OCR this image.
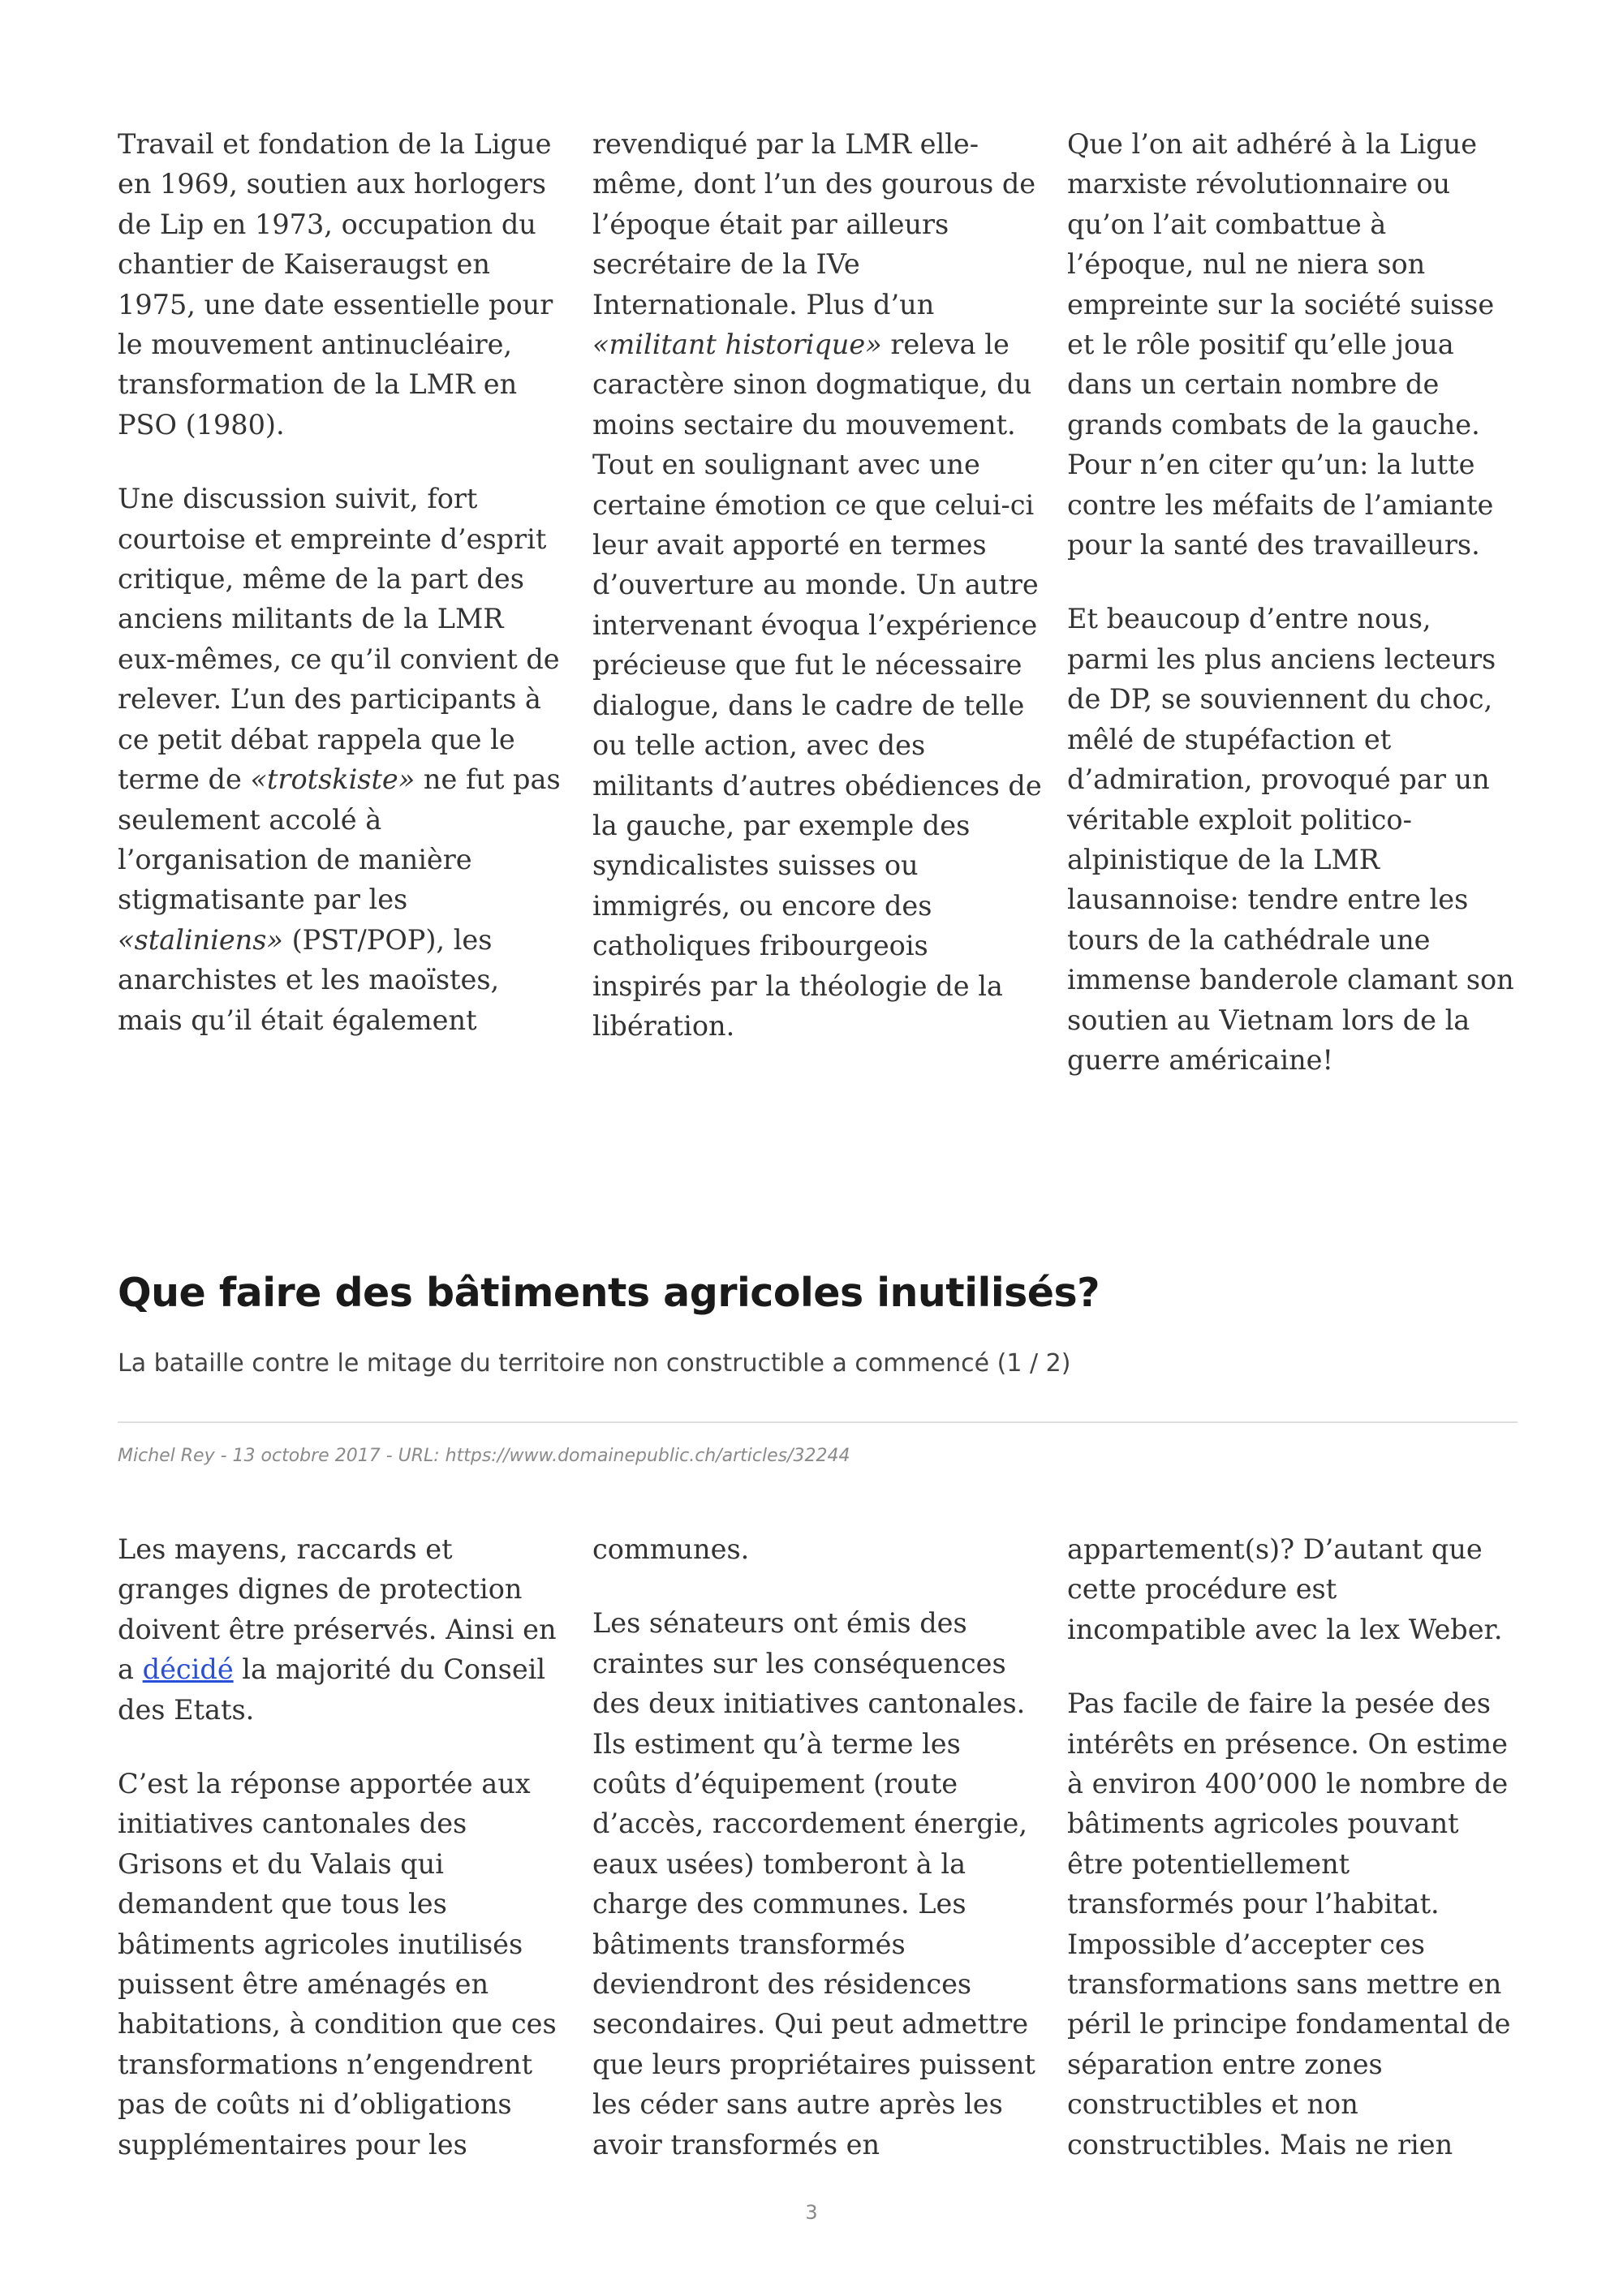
Travail et fondation de la Ligue en 1969, soutien aux horlogers de Lip en 1973, occupation du chantier de Kaiseraugst en 1975, une date essentielle pour le mouvement antinucléaire, transformation de la LMR en PSO (1980).

Une discussion suivit, fort courtoise et empreinte d’esprit critique, même de la part des anciens militants de la LMR eux-mêmes, ce qu’il convient de relever. L’un des participants à ce petit débat rappela que le terme de «trotskiste» ne fut pas seulement accolé à l’organisation de manière stigmatisante par les «staliniens» (PST/POP), les anarchistes et les maoïstes, mais qu’il était également

revendiqué par la LMR elle-même, dont l’un des gourous de l’époque était par ailleurs secrétaire de la IVe Internationale. Plus d’un «militant historique» releva le caractère sinon dogmatique, du moins sectaire du mouvement. Tout en soulignant avec une certaine émotion ce que celui-ci leur avait apporté en termes d’ouverture au monde. Un autre intervenant évoqua l’expérience précieuse que fut le nécessaire dialogue, dans le cadre de telle ou telle action, avec des militants d’autres obédiences de la gauche, par exemple des syndicalistes suisses ou immigrés, ou encore des catholiques fribourgeois inspirés par la théologie de la libération.

Que l’on ait adhéré à la Ligue marxiste révolutionnaire ou qu’on l’ait combattue à l’époque, nul ne niera son empreinte sur la société suisse et le rôle positif qu’elle joua dans un certain nombre de grands combats de la gauche. Pour n’en citer qu’un: la lutte contre les méfaits de l’amiante pour la santé des travailleurs.

Et beaucoup d’entre nous, parmi les plus anciens lecteurs de DP, se souviennent du choc, mêlé de stupéfaction et d’admiration, provoqué par un véritable exploit politico-alpinistique de la LMR lausannoise: tendre entre les tours de la cathédrale une immense banderole clamant son soutien au Vietnam lors de la guerre américaine!

Que faire des bâtiments agricoles inutilisés?

La bataille contre le mitage du territoire non constructible a commencé (1 / 2)

Michel Rey - 13 octobre 2017 - URL: https://www.domainepublic.ch/articles/32244

Les mayens, raccards et granges dignes de protection doivent être préservés. Ainsi en a décidé la majorité du Conseil des Etats.

C’est la réponse apportée aux initiatives cantonales des Grisons et du Valais qui demandent que tous les bâtiments agricoles inutilisés puissent être aménagés en habitations, à condition que ces transformations n’engendrent pas de coûts ni d’obligations supplémentaires pour les

communes.

Les sénateurs ont émis des craintes sur les conséquences des deux initiatives cantonales. Ils estiment qu’à terme les coûts d’équipement (route d’accès, raccordement énergie, eaux usées) tomberont à la charge des communes. Les bâtiments transformés deviendront des résidences secondaires. Qui peut admettre que leurs propriétaires puissent les céder sans autre après les avoir transformés en

appartement(s)? D’autant que cette procédure est incompatible avec la lex Weber.

Pas facile de faire la pesée des intérêts en présence. On estime à environ 400’000 le nombre de bâtiments agricoles pouvant être potentiellement transformés pour l’habitat. Impossible d’accepter ces transformations sans mettre en péril le principe fondamental de séparation entre zones constructibles et non constructibles. Mais ne rien

3
